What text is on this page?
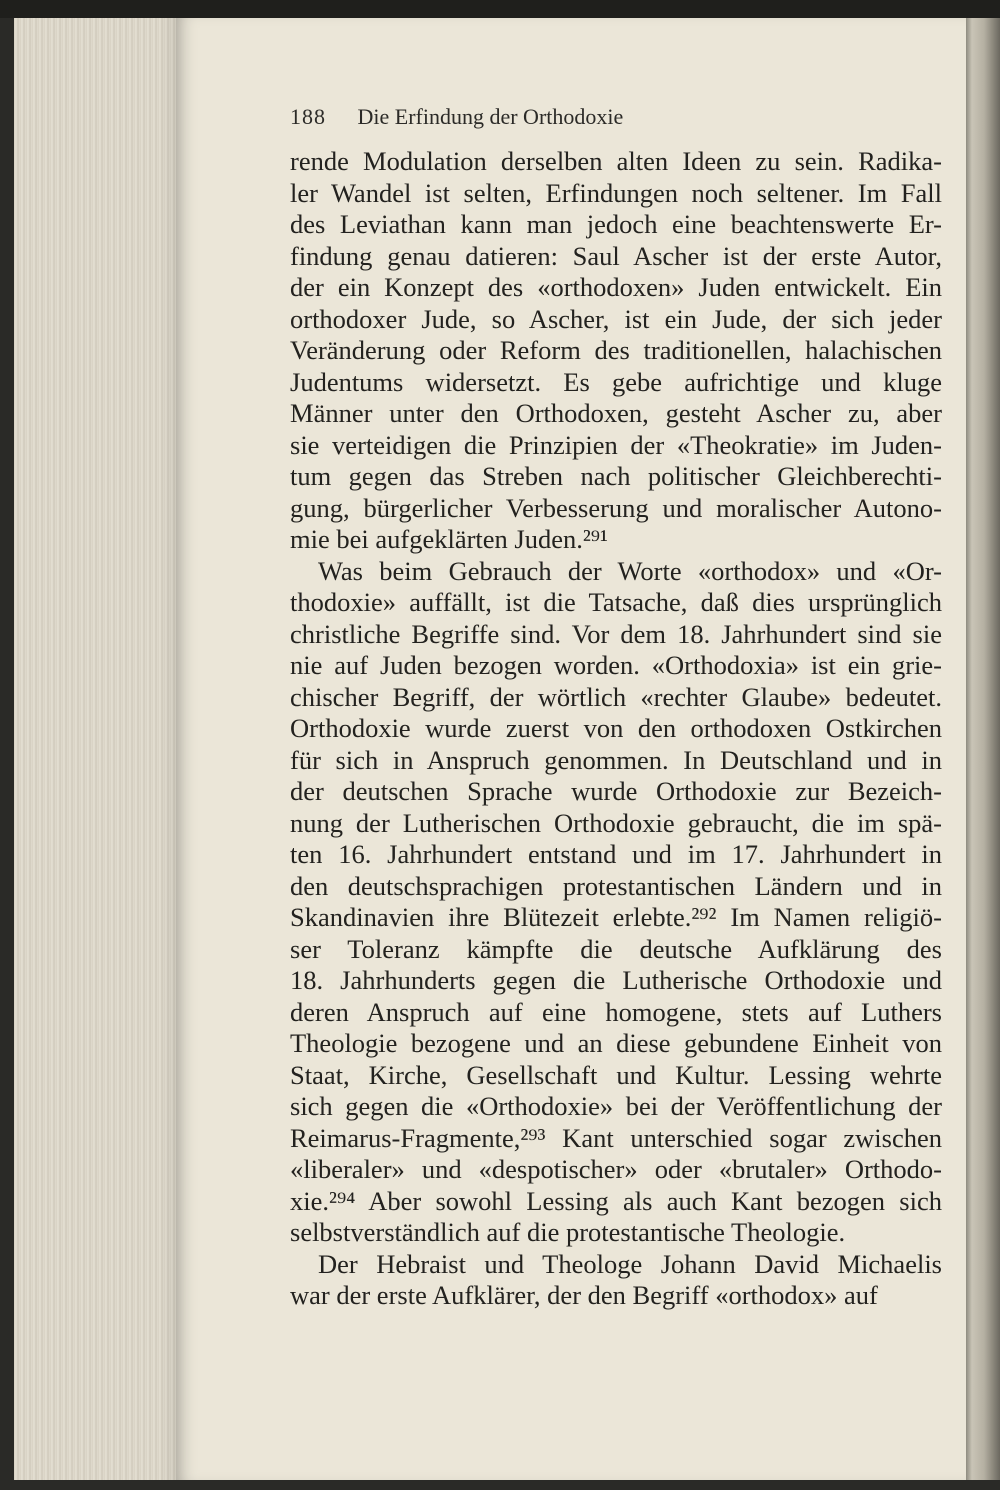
188 Die Erfindung der Orthodoxie
rende Modulation derselben alten Ideen zu sein. Radika-
ler Wandel ist selten, Erfindungen noch seltener. Im Fall
des Leviathan kann man jedoch eine beachtenswerte Er-
findung genau datieren: Saul Ascher ist der erste Autor,
der ein Konzept des «orthodoxen» Juden entwickelt. Ein
orthodoxer Jude, so Ascher, ist ein Jude, der sich jeder
Veränderung oder Reform des traditionellen, halachischen
Judentums widersetzt. Es gebe aufrichtige und kluge
Männer unter den Orthodoxen, gesteht Ascher zu, aber
sie verteidigen die Prinzipien der «Theokratie» im Juden-
tum gegen das Streben nach politischer Gleichberechti-
gung, bürgerlicher Verbesserung und moralischer Autono-
mie bei aufgeklärten Juden.²⁹¹
Was beim Gebrauch der Worte «orthodox» und «Or-
thodoxie» auffällt, ist die Tatsache, daß dies ursprünglich
christliche Begriffe sind. Vor dem 18. Jahrhundert sind sie
nie auf Juden bezogen worden. «Orthodoxia» ist ein grie-
chischer Begriff, der wörtlich «rechter Glaube» bedeutet.
Orthodoxie wurde zuerst von den orthodoxen Ostkirchen
für sich in Anspruch genommen. In Deutschland und in
der deutschen Sprache wurde Orthodoxie zur Bezeich-
nung der Lutherischen Orthodoxie gebraucht, die im spä-
ten 16. Jahrhundert entstand und im 17. Jahrhundert in
den deutschsprachigen protestantischen Ländern und in
Skandinavien ihre Blütezeit erlebte.²⁹² Im Namen religiö-
ser Toleranz kämpfte die deutsche Aufklärung des
18. Jahrhunderts gegen die Lutherische Orthodoxie und
deren Anspruch auf eine homogene, stets auf Luthers
Theologie bezogene und an diese gebundene Einheit von
Staat, Kirche, Gesellschaft und Kultur. Lessing wehrte
sich gegen die «Orthodoxie» bei der Veröffentlichung der
Reimarus-Fragmente,²⁹³ Kant unterschied sogar zwischen
«liberaler» und «despotischer» oder «brutaler» Orthodo-
xie.²⁹⁴ Aber sowohl Lessing als auch Kant bezogen sich
selbstverständlich auf die protestantische Theologie.
Der Hebraist und Theologe Johann David Michaelis
war der erste Aufklärer, der den Begriff «orthodox» auf
